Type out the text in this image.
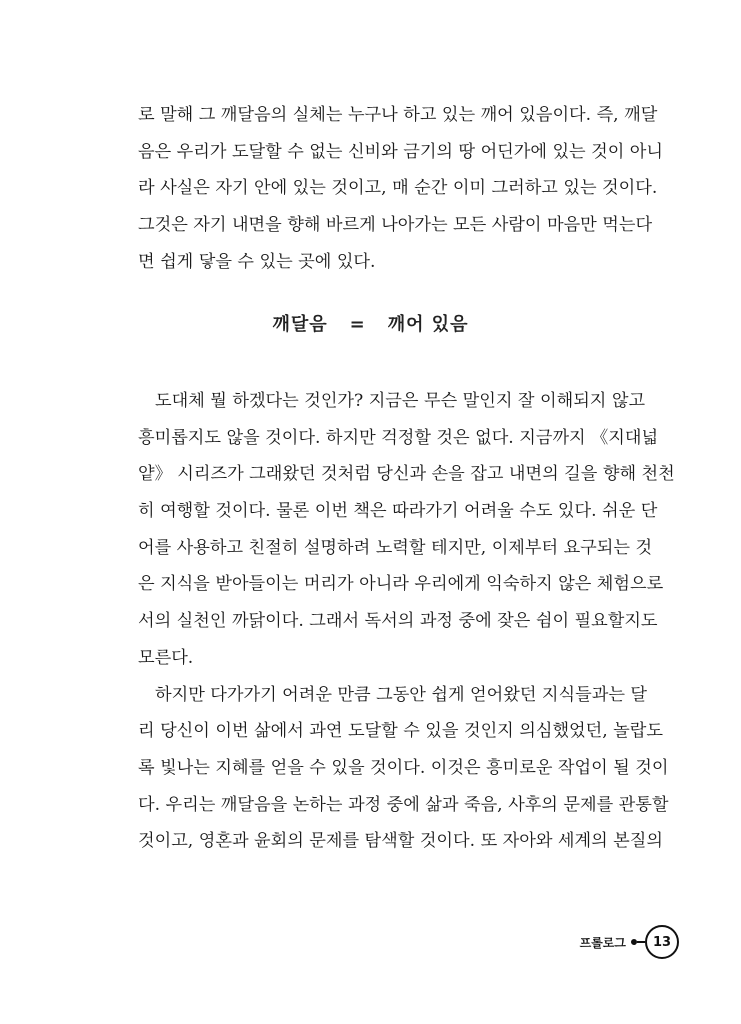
로 말해 그 깨달음의 실체는 누구나 하고 있는 깨어 있음이다. 즉, 깨달
음은 우리가 도달할 수 없는 신비와 금기의 땅 어딘가에 있는 것이 아니
라 사실은 자기 안에 있는 것이고, 매 순간 이미 그러하고 있는 것이다.
그것은 자기 내면을 향해 바르게 나아가는 모든 사람이 마음만 먹는다
면 쉽게 닿을 수 있는 곳에 있다.
깨달음 = 깨어 있음
도대체 뭘 하겠다는 것인가? 지금은 무슨 말인지 잘 이해되지 않고
흥미롭지도 않을 것이다. 하지만 걱정할 것은 없다. 지금까지 《지대넓
얕》 시리즈가 그래왔던 것처럼 당신과 손을 잡고 내면의 길을 향해 천천
히 여행할 것이다. 물론 이번 책은 따라가기 어려울 수도 있다. 쉬운 단
어를 사용하고 친절히 설명하려 노력할 테지만, 이제부터 요구되는 것
은 지식을 받아들이는 머리가 아니라 우리에게 익숙하지 않은 체험으로
서의 실천인 까닭이다. 그래서 독서의 과정 중에 잦은 쉼이 필요할지도
모른다.
하지만 다가가기 어려운 만큼 그동안 쉽게 얻어왔던 지식들과는 달
리 당신이 이번 삶에서 과연 도달할 수 있을 것인지 의심했었던, 놀랍도
록 빛나는 지혜를 얻을 수 있을 것이다. 이것은 흥미로운 작업이 될 것이
다. 우리는 깨달음을 논하는 과정 중에 삶과 죽음, 사후의 문제를 관통할
것이고, 영혼과 윤회의 문제를 탐색할 것이다. 또 자아와 세계의 본질의
프롤로그	13
